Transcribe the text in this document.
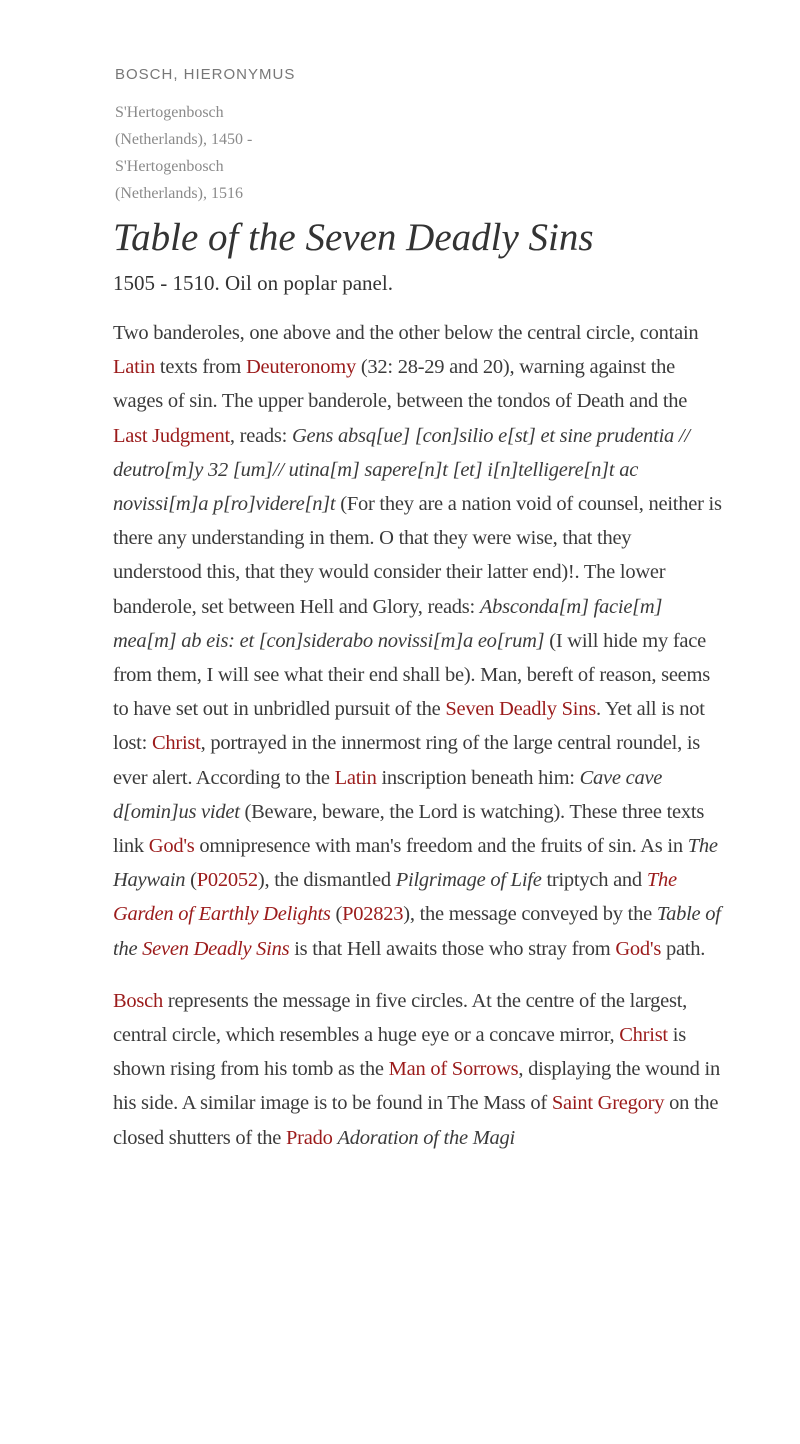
BOSCH, HIERONYMUS
S'Hertogenbosch
(Netherlands), 1450 -
S'Hertogenbosch
(Netherlands), 1516
Table of the Seven Deadly Sins
1505 - 1510. Oil on poplar panel.

Two banderoles, one above and the other below the central circle, contain Latin texts from Deuteronomy (32: 28-29 and 20), warning against the wages of sin. The upper banderole, between the tondos of Death and the Last Judgment, reads: Gens absq[ue] [con]silio e[st] et sine prudentia // deutro[m]y 32 [um]// utina[m] sapere[n]t [et] i[n]telligere[n]t ac novissi[m]a p[ro]videre[n]t (For they are a nation void of counsel, neither is there any understanding in them. O that they were wise, that they understood this, that they would consider their latter end)!. The lower banderole, set between Hell and Glory, reads: Absconda[m] facie[m] mea[m] ab eis: et [con]siderabo novissi[m]a eo[rum] (I will hide my face from them, I will see what their end shall be). Man, bereft of reason, seems to have set out in unbridled pursuit of the Seven Deadly Sins. Yet all is not lost: Christ, portrayed in the innermost ring of the large central roundel, is ever alert. According to the Latin inscription beneath him: Cave cave d[omin]us videt (Beware, beware, the Lord is watching). These three texts link God's omnipresence with man's freedom and the fruits of sin. As in The Haywain (P02052), the dismantled Pilgrimage of Life triptych and The Garden of Earthly Delights (P02823), the message conveyed by the Table of the Seven Deadly Sins is that Hell awaits those who stray from God's path.

Bosch represents the message in five circles. At the centre of the largest, central circle, which resembles a huge eye or a concave mirror, Christ is shown rising from his tomb as the Man of Sorrows, displaying the wound in his side. A similar image is to be found in The Mass of Saint Gregory on the closed shutters of the Prado Adoration of the Magi
